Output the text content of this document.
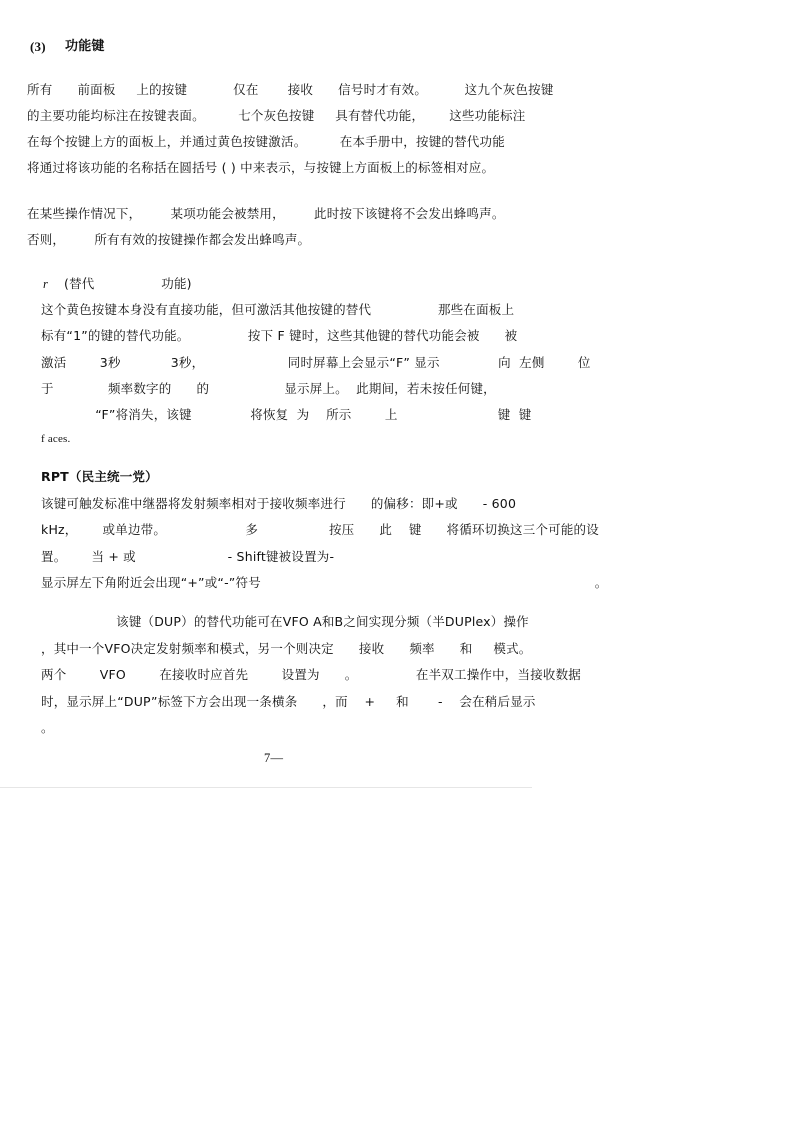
(3) 功能键
所有      前面板     上的按键           仅在       接收      信号时才有效。         这九个灰色按键
的主要功能均标注在按键表面。        七个灰色按键     具有替代功能，      这些功能标注
在每个按键上方的面板上，并通过黄色按键激活。        在本手册中，按键的替代功能
将通过将该功能的名称括在圆括号 ( ) 中来表示，与按键上方面板上的标签相对应。
在某些操作情况下，       某项功能会被禁用，       此时按下该键将不会发出蜂鸣声。
否则，       所有有效的按键操作都会发出蜂鸣声。
r (替代                功能)
这个黄色按键本身没有直接功能，但可激活其他按键的替代                那些在面板上
标有“1”的键的替代功能。              按下 F 键时，这些其他键的替代功能会被      被
激活        3秒            3秒，                    同时屏幕上会显示“F” 显示              向  左侧        位
于             频率数字的      的                  显示屏上。  此期间，若未按任何键，
“F”将消失，该键              将恢复  为    所示        上                        键  键
f aces.
RPT（民主统一党）
该键可触发标准中继器将发射频率相对于接收频率进行      的偏移：即+或      - 600
kHz，      或单边带。                   多                 按压      此    键      将循环切换这三个可能的设
置。      当 + 或                      - Shift键被设置为-
显示屏左下角附近会出现“+”或“-”符号                                                                                。
该键（DUP）的替代功能可在VFO A和B之间实现分频（半DUPlex）操作
，其中一个VFO决定发射频率和模式，另一个则决定      接收      频率      和     模式。
两个        VFO        在接收时应首先        设置为      。              在半双工操作中，当接收数据
时，显示屏上“DUP”标签下方会出现一条横条      ，而    +     和       -    会在稍后显示
。
7—
